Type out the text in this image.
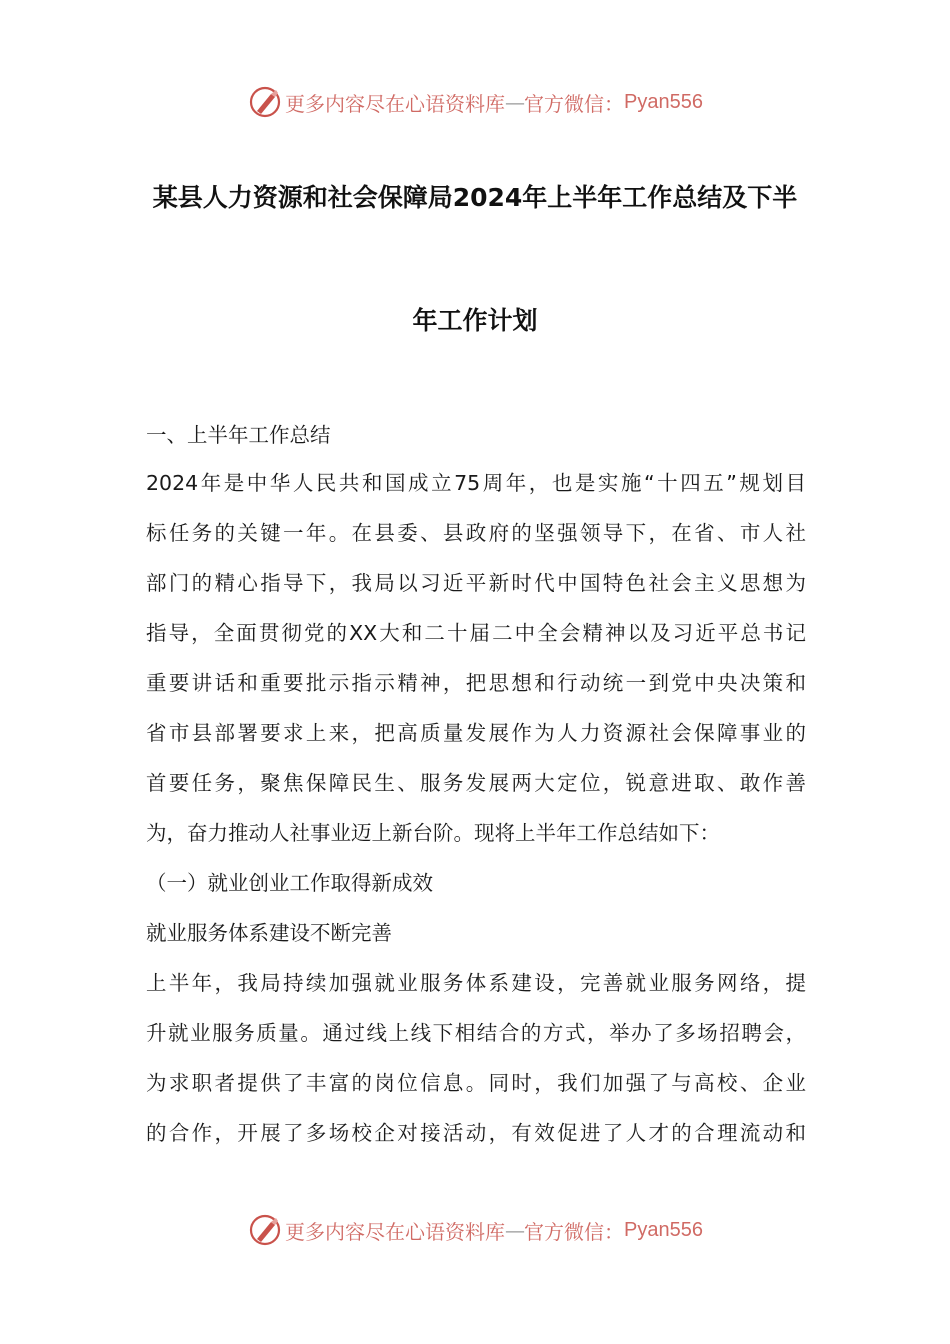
更多内容尽在心语资料库 — 官方微信： Pyan556
某县人力资源和社会保障局2024年上半年工作总结及下半
年工作计划
一、上半年工作总结
2024年是中华人民共和国成立75周年，也是实施“十四五”规划目
标任务的关键一年。在县委、县政府的坚强领导下，在省、市人社
部门的精心指导下，我局以习近平新时代中国特色社会主义思想为
指导，全面贯彻党的XX大和二十届二中全会精神以及习近平总书记
重要讲话和重要批示指示精神，把思想和行动统一到党中央决策和
省市县部署要求上来，把高质量发展作为人力资源社会保障事业的
首要任务，聚焦保障民生、服务发展两大定位，锐意进取、敢作善
为，奋力推动人社事业迈上新台阶。现将上半年工作总结如下：
（一）就业创业工作取得新成效
就业服务体系建设不断完善
上半年，我局持续加强就业服务体系建设，完善就业服务网络，提
升就业服务质量。通过线上线下相结合的方式，举办了多场招聘会，
为求职者提供了丰富的岗位信息。同时，我们加强了与高校、企业
的合作，开展了多场校企对接活动，有效促进了人才的合理流动和
更多内容尽在心语资料库 — 官方微信： Pyan556
